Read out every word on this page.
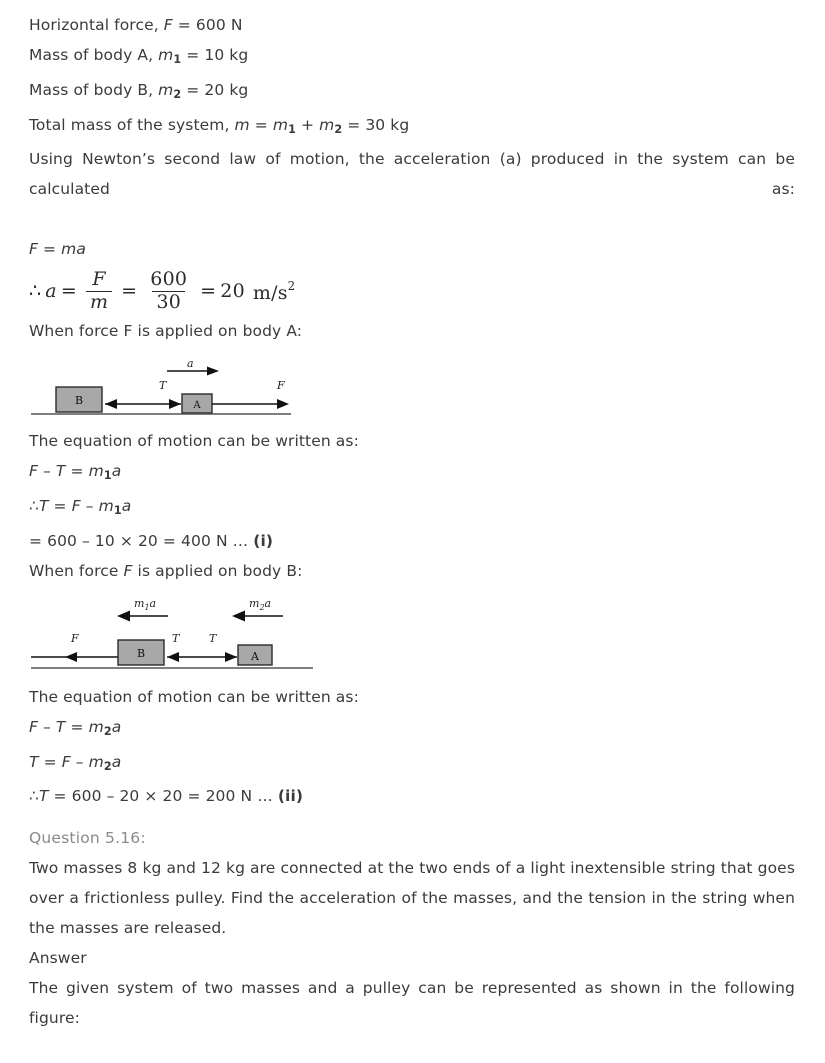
Horizontal force, F = 600 N
Mass of body A, $m_1 = 10$ kg
Mass of body B, $m_2 = 20$ kg
Total mass of the system, $m = m_1 + m_2 = 30$ kg
Using Newton’s second law of motion, the acceleration (a) produced in the system can be calculated as:
F = ma
∴ $a = \frac{F}{m} = \frac{600}{30} = 20$ $m/s^2$
When force F is applied on body A:
a
T	F
B	A
The equation of motion can be written as:
$F - T = m_1a$
∴T = F – $m_1a$
= 600 – 10 × 20 = 400 N … (i)
When force F is applied on body B:
$m_1a$	$m_2a$
F	T	T
B	A
The equation of motion can be written as:
$F - T = m_2a$
$T = F - m_2a$
∴T = 600 – 20 × 20 = 200 N … (ii)
Question 5.16:
Two masses 8 kg and 12 kg are connected at the two ends of a light inextensible string that goes over a frictionless pulley. Find the acceleration of the masses, and the tension in the string when the masses are released.
Answer
The given system of two masses and a pulley can be represented as shown in the following figure:
